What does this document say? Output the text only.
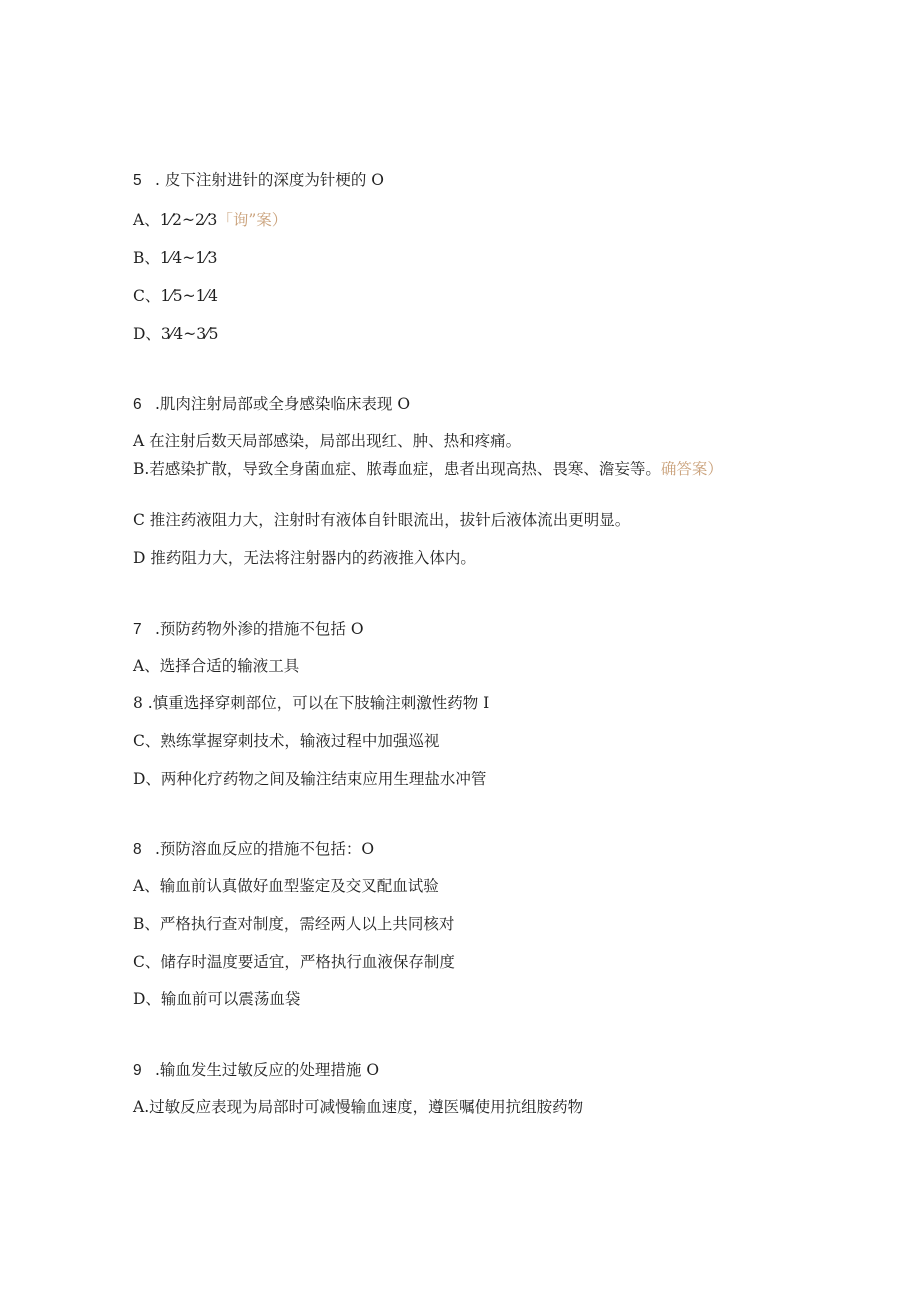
5 . 皮下注射进针的深度为针梗的 O

A、1⁄2~2⁄3「询”案）

B、1⁄4~1⁄3

C、1⁄5~1⁄4

D、3⁄4~3⁄5

6 .肌肉注射局部或全身感染临床表现 O

A 在注射后数天局部感染，局部出现红、肿、热和疼痛。

B.若感染扩散，导致全身菌血症、脓毒血症，患者出现高热、畏寒、澹妄等。确答案）

C 推注药液阻力大，注射时有液体自针眼流出，拔针后液体流出更明显。

D 推药阻力大，无法将注射器内的药液推入体内。

7 .预防药物外渗的措施不包括 O

A、选择合适的输液工具

8 .慎重选择穿刺部位，可以在下肢输注刺激性药物 I

C、熟练掌握穿刺技术，输液过程中加强巡视

D、两种化疗药物之间及输注结束应用生理盐水冲管

8 .预防溶血反应的措施不包括：O

A、输血前认真做好血型鉴定及交叉配血试验

B、严格执行查对制度，需经两人以上共同核对

C、储存时温度要适宜，严格执行血液保存制度

D、输血前可以震荡血袋

9 .输血发生过敏反应的处理措施 O

A.过敏反应表现为局部时可减慢输血速度，遵医嘱使用抗组胺药物
